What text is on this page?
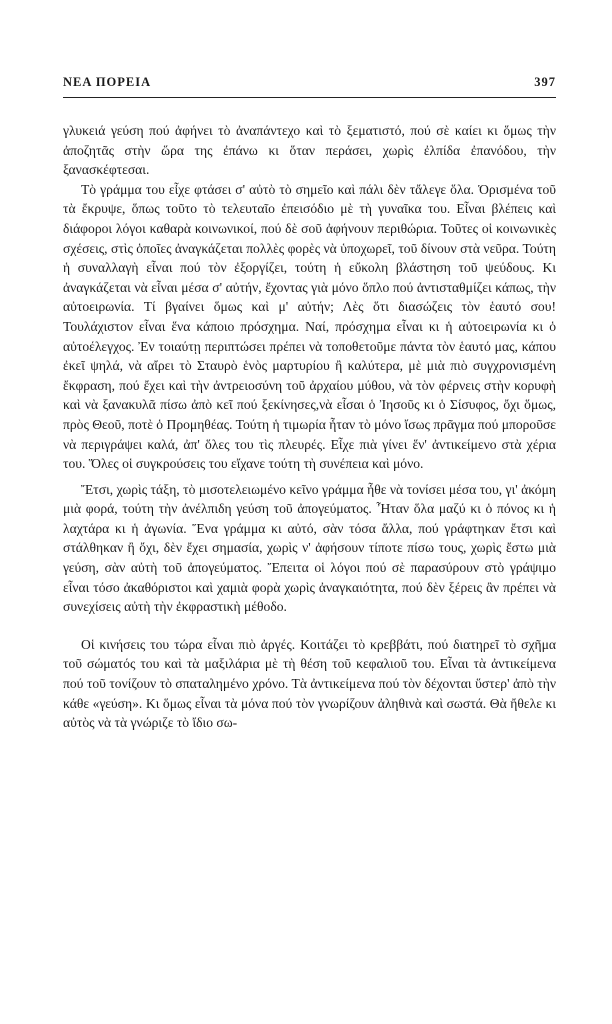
ΝΕΑ ΠΟΡΕΙΑ	397

γλυκειά γεύση πού ἀφήνει τὸ ἀναπάντεχο καὶ τὸ ξεματιστό, πού σὲ καίει κι ὅμως τὴν ἀποζητᾶς στὴν ὥρα της ἐπάνω κι ὅταν περάσει, χωρὶς ἐλπίδα ἐπανόδου, τὴν ξανασκέφτεσαι.

Τὸ γράμμα του εἶχε φτάσει σ' αὐτὸ τὸ σημεῖο καὶ πάλι δὲν τἄλεγε ὅλα. Ὁρισμένα τοῦ τὰ ἔκρυψε, ὅπως τοῦτο τὸ τελευταῖο ἐπεισόδιο μὲ τὴ γυναῖκα του. Εἶναι βλέπεις καὶ διάφοροι λόγοι καθαρὰ κοινωνικοί, πού δὲ σοῦ ἀφήνουν περιθώρια. Τοῦτες οἱ κοινωνικὲς σχέσεις, στὶς ὁποῖες ἀναγκάζεται πολλὲς φορὲς νὰ ὑποχωρεῖ, τοῦ δίνουν στὰ νεῦρα. Τούτη ἡ συναλλαγὴ εἶναι πού τὸν ἐξοργίζει, τούτη ἡ εὔκολη βλάστηση τοῦ ψεύδους. Κι ἀναγκάζεται νὰ εἶναι μέσα σ' αὐτήν, ἔχοντας γιὰ μόνο ὅπλο πού ἀντισταθμίζει κάπως, τὴν αὐτοειρωνία. Τί βγαίνει ὅμως καὶ μ' αὐτήν; Λὲς ὅτι διασώζεις τὸν ἑαυτό σου! Τουλάχιστον εἶναι ἕνα κάποιο πρόσχημα. Ναί, πρόσχημα εἶναι κι ἡ αὐτοειρωνία κι ὁ αὐτοέλεγχος. Ἐν τοιαύτῃ περιπτώσει πρέπει νὰ τοποθετοῦμε πάντα τὸν ἑαυτό μας, κάπου ἐκεῖ ψηλά, νὰ αἴρει τὸ Σταυρὸ ἑνὸς μαρτυρίου ἢ καλύτερα, μὲ μιὰ πιὸ συγχρονισμένη ἔκφραση, πού ἔχει καὶ τὴν ἀντρειοσύνη τοῦ ἀρχαίου μύθου, νὰ τὸν φέρνεις στὴν κορυφὴ καὶ νὰ ξανακυλᾶ πίσω ἀπὸ κεῖ πού ξεκίνησες,νὰ εἶσαι ὁ Ἰησοῦς κι ὁ Σίσυφος, ὄχι ὅμως, πρὸς Θεοῦ, ποτὲ ὁ Προμηθέας. Τούτη ἡ τιμωρία ἦταν τὸ μόνο ἴσως πρᾶγμα πού μποροῦσε νὰ περιγράψει καλά, ἀπ' ὅλες του τὶς πλευρές. Εἶχε πιὰ γίνει ἕν' ἀντικείμενο στὰ χέρια του. Ὅλες οἱ συγκρούσεις του εἴχανε τούτη τὴ συνέπεια καὶ μόνο.

Ἔτσι, χωρὶς τάξη, τὸ μισοτελειωμένο κεῖνο γράμμα ἦθε νὰ τονίσει μέσα του, γι' ἀκόμη μιὰ φορά, τούτη τὴν ἀνέλπιδη γεύση τοῦ ἀπογεύματος. Ἦταν ὅλα μαζύ κι ὁ πόνος κι ἡ λαχτάρα κι ἡ ἀγωνία. Ἕνα γράμμα κι αὐτό, σὰν τόσα ἄλλα, πού γράφτηκαν ἔτσι καὶ στάλθηκαν ἢ ὄχι, δὲν ἔχει σημασία, χωρὶς ν' ἀφήσουν τίποτε πίσω τους, χωρὶς ἔστω μιὰ γεύση, σὰν αὐτὴ τοῦ ἀπογεύματος. Ἔπειτα οἱ λόγοι πού σὲ παρασύρουν στὸ γράψιμο εἶναι τόσο ἀκαθόριστοι καὶ χαμιὰ φορὰ χωρὶς ἀναγκαιότητα, πού δὲν ξέρεις ἂν πρέπει νὰ συνεχίσεις αὐτὴ τὴν ἐκφραστικὴ μέθοδο.

Οἱ κινήσεις του τώρα εἶναι πιὸ ἀργές. Κοιτάζει τὸ κρεββάτι, πού διατηρεῖ τὸ σχῆμα τοῦ σώματός του καὶ τὰ μαξιλάρια μὲ τὴ θέση τοῦ κεφαλιοῦ του. Εἶναι τὰ ἀντικείμενα πού τοῦ τονίζουν τὸ σπαταλημένο χρόνο. Τὰ ἀντικείμενα πού τὸν δέχονται ὕστερ' ἀπὸ τὴν κάθε «γεύση». Κι ὅμως εἶναι τὰ μόνα πού τὸν γνωρίζουν ἀληθινὰ καὶ σωστά. Θὰ ἤθελε κι αὐτὸς νὰ τὰ γνώριζε τὸ ἴδιο σω-
